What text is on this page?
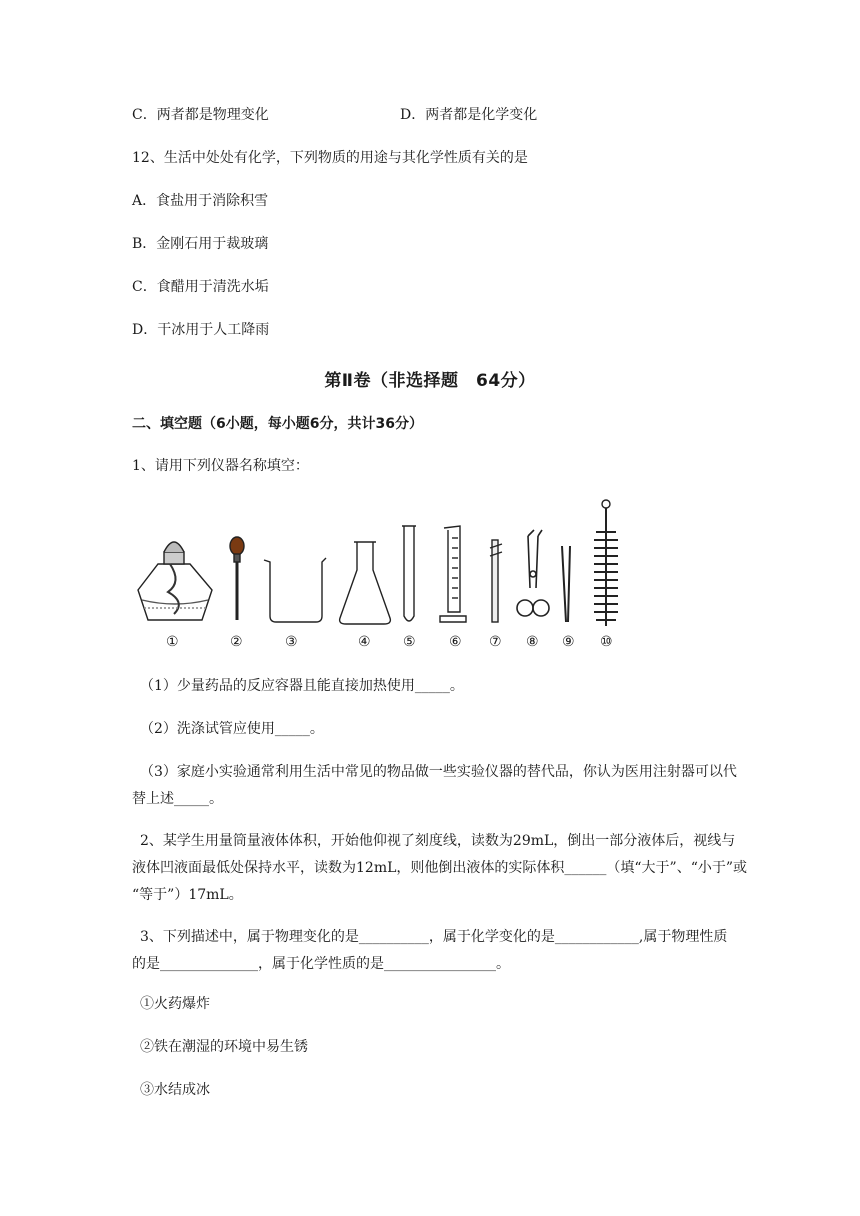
C．两者都是物理变化	D．两者都是化学变化
12、生活中处处有化学，下列物质的用途与其化学性质有关的是
A．食盐用于消除积雪
B．金刚石用于裁玻璃
C．食醋用于清洗水垢
D．干冰用于人工降雨
第Ⅱ卷（非选择题　64分）
二、填空题（6小题，每小题6分，共计36分）
1、请用下列仪器名称填空：
①	②	③	④ ⑤ ⑥ ⑦ ⑧ ⑨ ⑩
（1）少量药品的反应容器且能直接加热使用_____。
（2）洗涤试管应使用_____。
（3）家庭小实验通常利用生活中常见的物品做一些实验仪器的替代品，你认为医用注射器可以代
替上述_____。
2、某学生用量筒量液体体积，开始他仰视了刻度线，读数为29mL，倒出一部分液体后，视线与
液体凹液面最低处保持水平，读数为12mL，则他倒出液体的实际体积______（填“大于”、“小于”或
“等于”）17mL。
3、下列描述中，属于物理变化的是__________，属于化学变化的是____________,属于物理性质
的是______________，属于化学性质的是________________。
①火药爆炸
②铁在潮湿的环境中易生锈
③水结成冰
